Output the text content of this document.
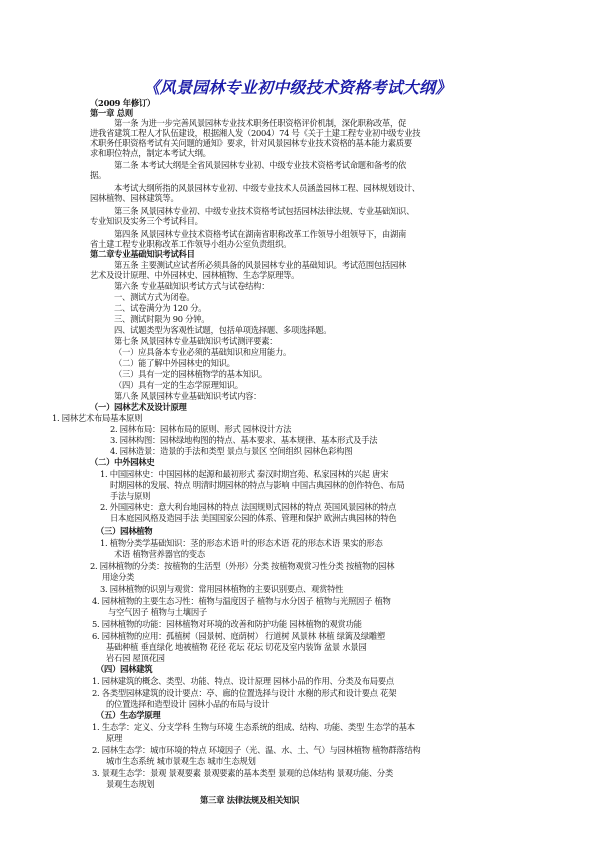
《风景园林专业初中级技术资格考试大纲》
（2009 年修订）
第一章 总则
第一条 为进一步完善风景园林专业技术职务任职资格评价机制，深化职称改革，促
进我省建筑工程人才队伍建设，根据湘人发（2004）74 号《关于土建工程专业初中级专业技
术职务任职资格考试有关问题的通知》要求，针对风景园林专业技术资格的基本能力素质要
求和职位特点，制定本考试大纲。
第二条 本考试大纲是全省风景园林专业初、中级专业技术资格考试命题和备考的依
据。
本考试大纲所指的风景园林专业初、中级专业技术人员涵盖园林工程、园林规划设计、
园林植物、园林建筑等。
第三条 风景园林专业初、中级专业技术资格考试包括园林法律法规、专业基础知识、
专业知识及实务三个考试科目。
第四条 风景园林专业技术资格考试在湖南省职称改革工作领导小组领导下，由湖南
省土建工程专业职称改革工作领导小组办公室负责组织。
第二章专业基础知识考试科目
第五条 主要测试应试者所必须具备的风景园林专业的基础知识。考试范围包括园林
艺术及设计原理、中外园林史、园林植物、生态学原理等。
第六条 专业基础知识考试方式与试卷结构：
一、测试方式为闭卷。
二、试卷满分为 120 分。
三、测试时限为 90 分钟。
四、试题类型为客观性试题，包括单项选择题、多项选择题。
第七条 风景园林专业基础知识考试测评要素：
（一）应具备本专业必须的基础知识和应用能力。
（二）能了解中外园林史的知识。
（三）具有一定的园林植物学的基本知识。
（四）具有一定的生态学原理知识。
第八条 风景园林专业基础知识考试内容：
（一）园林艺术及设计原理
1. 园林艺术布局基本原则
2. 园林布局：园林布局的原则、形式 园林设计方法
3. 园林构图：园林绿地构图的特点、基本要求、基本规律、基本形式及手法
4. 园林造景：造景的手法和类型 景点与景区 空间组织 园林色彩构图
（二）中外园林史
1. 中国园林史：中国园林的起源和最初形式 秦汉时期宫苑、私家园林的兴起 唐宋
时期园林的发展、特点 明清时期园林的特点与影响 中国古典园林的创作特色、布局
手法与原则
2. 外国园林史：意大利台地园林的特点 法国规则式园林的特点 英国风景园林的特点
日本庭园风格及造园手法 美国国家公园的体系、管理和保护 欧洲古典园林的特色
（三）园林植物
1. 植物分类学基础知识：茎的形态术语 叶的形态术语 花的形态术语 果实的形态
术语 植物营养器官的变态
2. 园林植物的分类：按植物的生活型（外形）分类 按植物观赏习性分类 按植物的园林
用途分类
3. 园林植物的识别与观赏：常用园林植物的主要识别要点、观赏特性
4. 园林植物的主要生态习性：植物与温度因子 植物与水分因子 植物与光照因子 植物
与空气因子 植物与土壤因子
5. 园林植物的功能：园林植物对环境的改善和防护功能 园林植物的观赏功能
6. 园林植物的应用：孤植树（园景树、庭荫树） 行道树 风景林 林植 绿篱及绿雕塑
基础种植 垂直绿化 地被植物 花径 花坛 花坛 切花及室内装饰 盆景 水景园
岩石园 屋顶花园
（四）园林建筑
1. 园林建筑的概念、类型、功能、特点、设计原理 园林小品的作用、分类及布局要点
2. 各类型园林建筑的设计要点：亭、廊的位置选择与设计 水榭的形式和设计要点 花架
的位置选择和造型设计 园林小品的布局与设计
（五）生态学原理
1. 生态学：定义、分支学科 生物与环境 生态系统的组成、结构、功能、类型 生态学的基本
原理
2. 园林生态学：城市环境的特点 环境因子（光、温、水、土、气）与园林植物 植物群落结构
城市生态系统 城市景观生态 城市生态规划
3. 景观生态学：景观 景观要素 景观要素的基本类型 景观的总体结构 景观功能、分类
景观生态规划
第三章 法律法规及相关知识
